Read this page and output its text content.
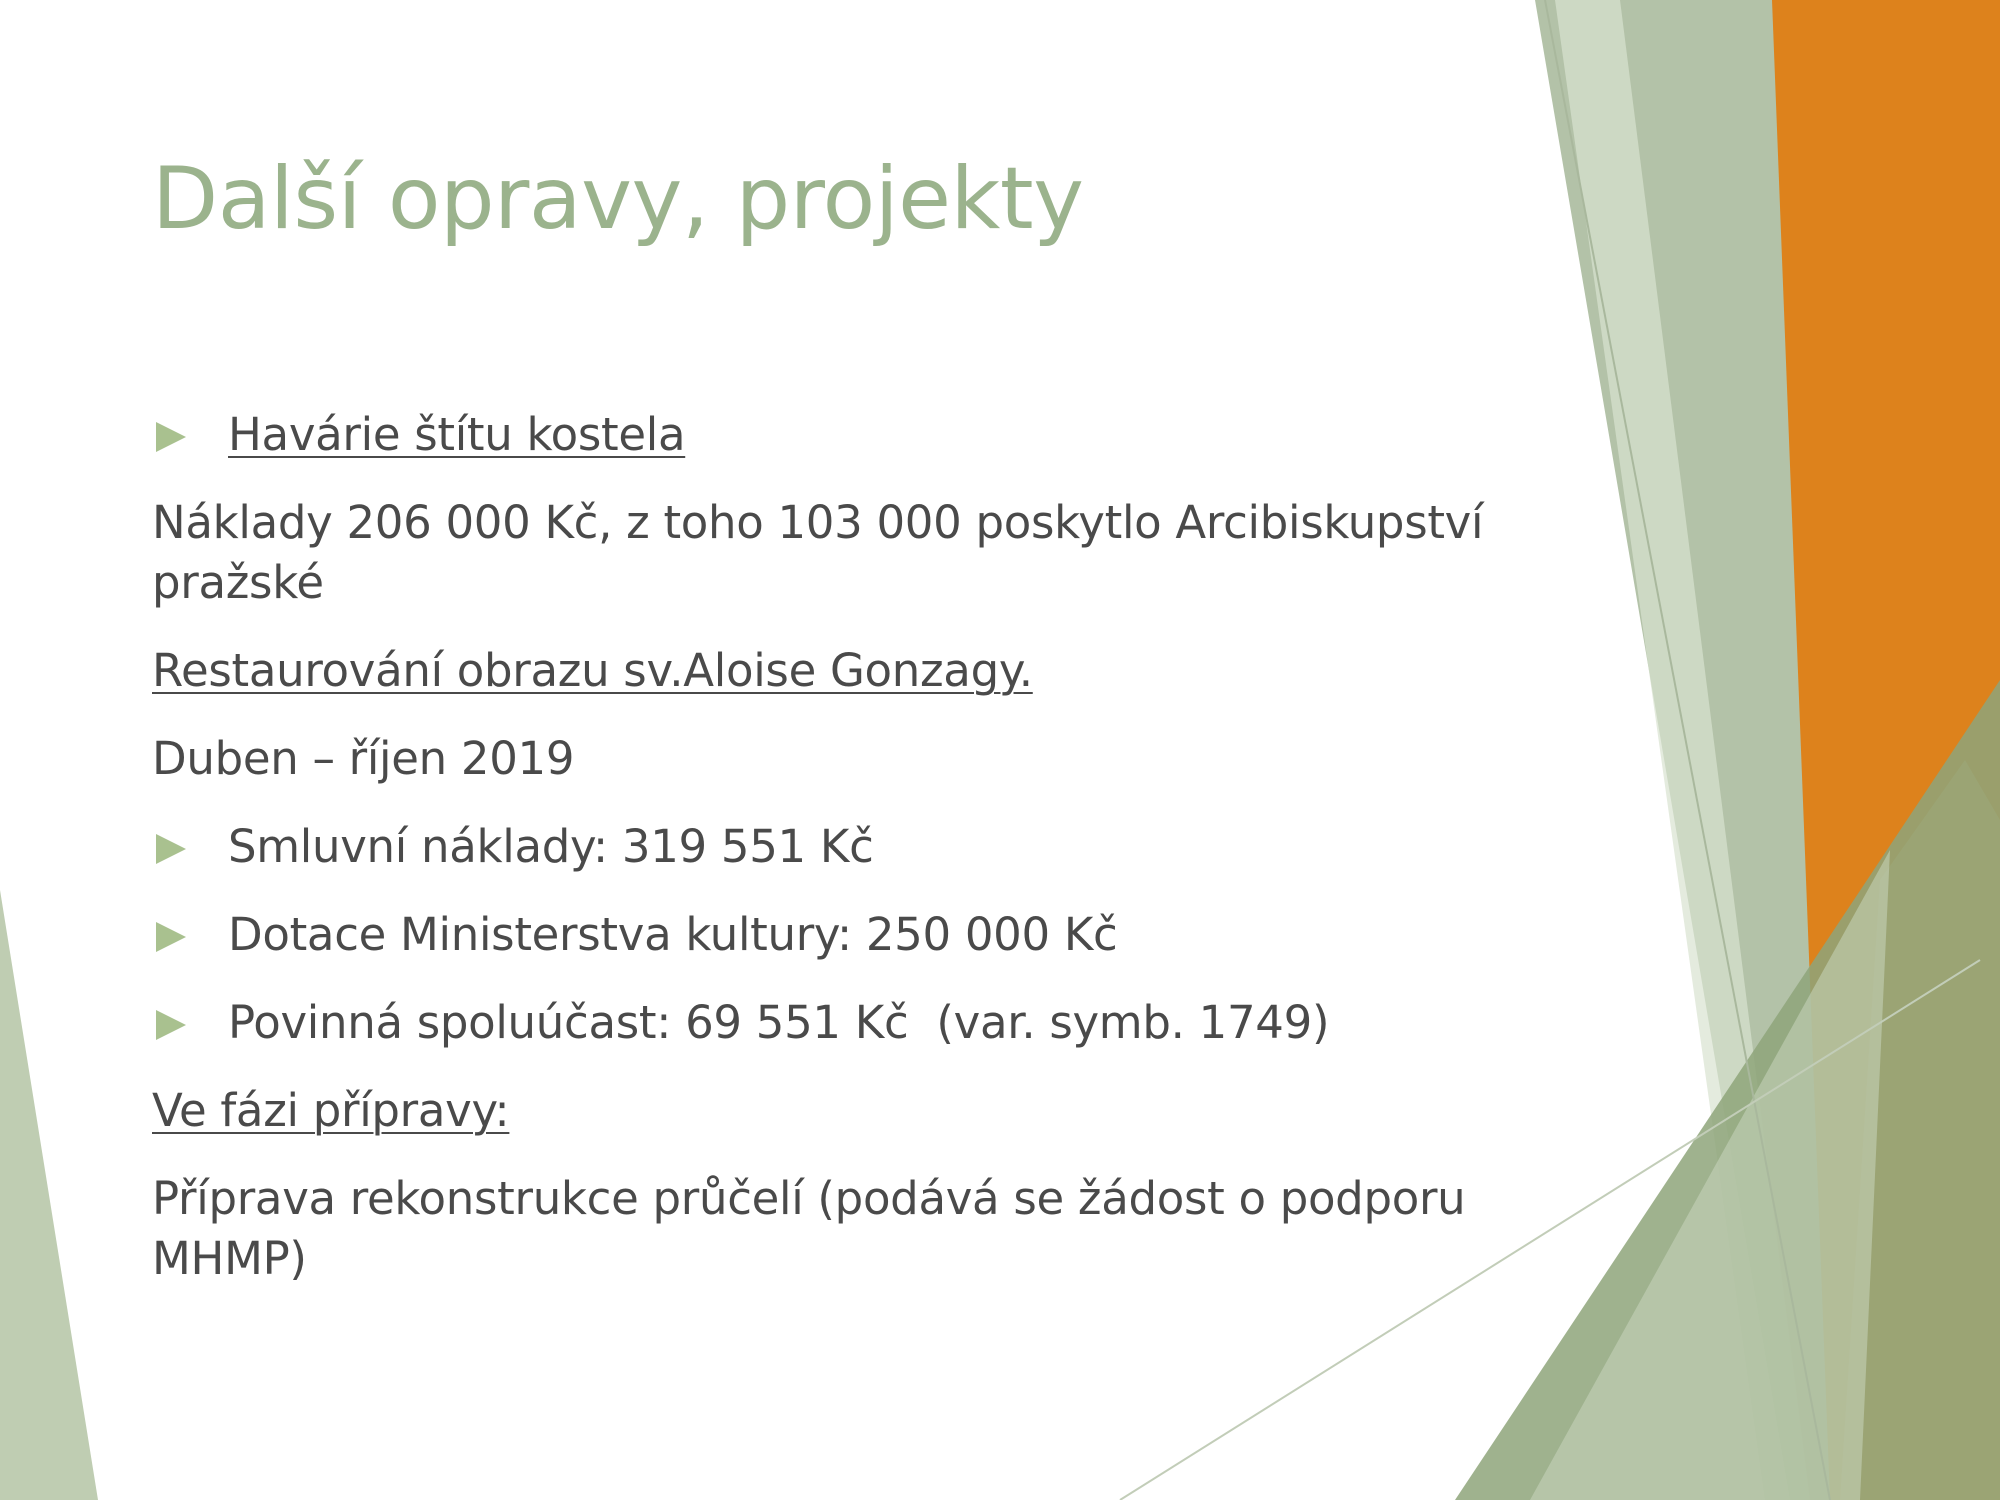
Další opravy, projekty

Havárie štítu kostela

Náklady 206 000 Kč, z toho 103 000 poskytlo Arcibiskupství pražské

Restaurování obrazu sv.Aloise Gonzagy.

Duben – říjen 2019

Smluvní náklady: 319 551 Kč

Dotace Ministerstva kultury: 250 000 Kč

Povinná spoluúčast: 69 551 Kč  (var. symb. 1749)

Ve fázi přípravy:

Příprava rekonstrukce průčelí (podává se žádost o podporu MHMP)
